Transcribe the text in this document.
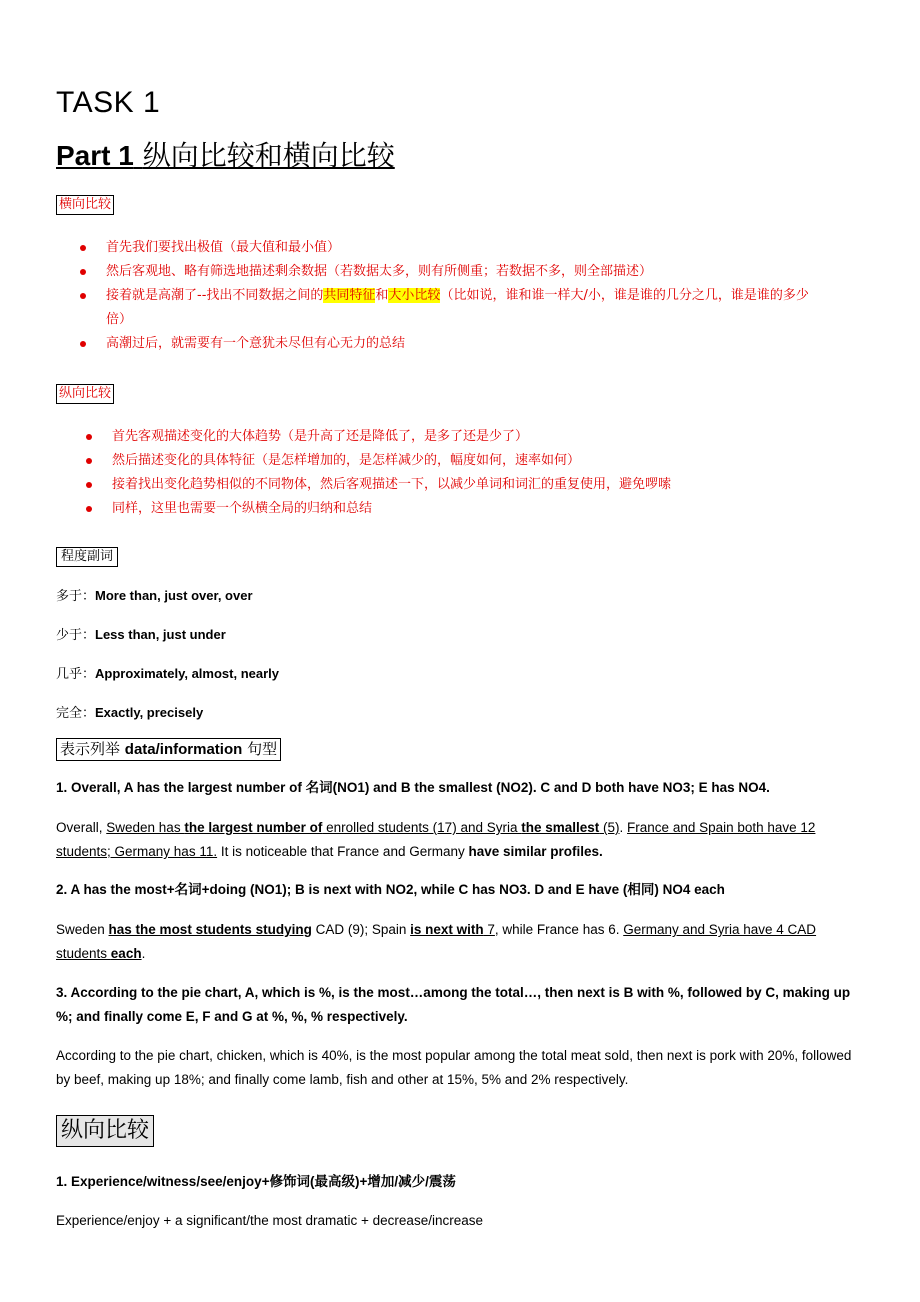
TASK 1
Part 1 纵向比较和横向比较
横向比较
首先我们要找出极值（最大值和最小值）
然后客观地、略有筛选地描述剩余数据（若数据太多，则有所侧重；若数据不多，则全部描述）
接着就是高潮了--找出不同数据之间的共同特征和大小比较（比如说，谁和谁一样大/小，谁是谁的几分之几，谁是谁的多少
倍）
高潮过后，就需要有一个意犹未尽但有心无力的总结
纵向比较
首先客观描述变化的大体趋势（是升高了还是降低了，是多了还是少了）
然后描述变化的具体特征（是怎样增加的，是怎样减少的，幅度如何，速率如何）
接着找出变化趋势相似的不同物体，然后客观描述一下，以减少单词和词汇的重复使用，避免啰嗦
同样，这里也需要一个纵横全局的归纳和总结
程度副词
多于：More than, just over, over
少于：Less than, just under
几乎：Approximately, almost, nearly
完全：Exactly, precisely
表示列举 data/information 句型
1. Overall, A has the largest number of 名词(NO1) and B the smallest (NO2). C and D both have NO3; E has NO4.
Overall, Sweden has the largest number of enrolled students (17) and Syria the smallest (5). France and Spain both have 12 students; Germany has 11. It is noticeable that France and Germany have similar profiles.
2. A has the most+名词+doing (NO1); B is next with NO2, while C has NO3. D and E have (相同) NO4 each
Sweden has the most students studying CAD (9); Spain is next with 7, while France has 6. Germany and Syria have 4 CAD students each.
3. According to the pie chart, A, which is %, is the most…among the total…, then next is B with %, followed by C, making up %; and finally come E, F and G at %, %, % respectively.
According to the pie chart, chicken, which is 40%, is the most popular among the total meat sold, then next is pork with 20%, followed by beef, making up 18%; and finally come lamb, fish and other at 15%, 5% and 2% respectively.
纵向比较
1. Experience/witness/see/enjoy+修饰词(最高级)+增加/减少/震荡
Experience/enjoy + a significant/the most dramatic + decrease/increase
